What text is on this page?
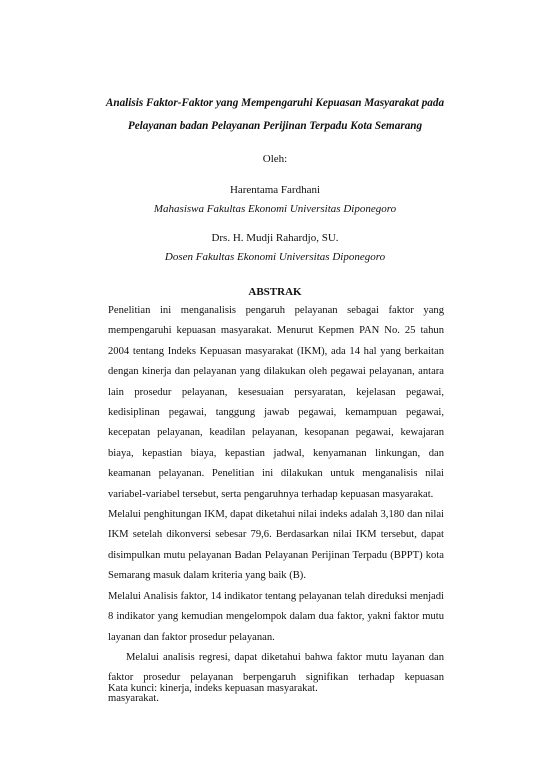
Analisis Faktor-Faktor yang Mempengaruhi Kepuasan Masyarakat pada
Pelayanan badan Pelayanan Perijinan Terpadu Kota Semarang
Oleh:
Harentama Fardhani
Mahasiswa Fakultas Ekonomi Universitas Diponegoro
Drs. H. Mudji Rahardjo, SU.
Dosen Fakultas Ekonomi Universitas Diponegoro
ABSTRAK

Penelitian ini menganalisis pengaruh pelayanan sebagai faktor yang mempengaruhi kepuasan masyarakat. Menurut Kepmen PAN No. 25 tahun 2004 tentang Indeks Kepuasan masyarakat (IKM), ada 14 hal yang berkaitan dengan kinerja dan pelayanan yang dilakukan oleh pegawai pelayanan, antara lain prosedur pelayanan, kesesuaian persyaratan, kejelasan pegawai, kedisiplinan pegawai, tanggung jawab pegawai, kemampuan pegawai, kecepatan pelayanan, keadilan pelayanan, kesopanan pegawai, kewajaran biaya, kepastian biaya, kepastian jadwal, kenyamanan linkungan, dan keamanan pelayanan. Penelitian ini dilakukan untuk menganalisis nilai variabel-variabel tersebut, serta pengaruhnya terhadap kepuasan masyarakat.

Melalui penghitungan IKM, dapat diketahui nilai indeks adalah 3,180 dan nilai IKM setelah dikonversi sebesar 79,6. Berdasarkan nilai IKM tersebut, dapat disimpulkan mutu pelayanan Badan Pelayanan Perijinan Terpadu (BPPT) kota Semarang masuk dalam kriteria yang baik (B).

Melalui Analisis faktor, 14 indikator tentang pelayanan telah direduksi menjadi 8 indikator yang kemudian mengelompok dalam dua faktor, yakni faktor mutu layanan dan faktor prosedur pelayanan.

Melalui analisis regresi, dapat diketahui bahwa faktor mutu layanan dan faktor prosedur pelayanan berpengaruh signifikan terhadap kepuasan masyarakat.

Kata kunci: kinerja, indeks kepuasan masyarakat.
